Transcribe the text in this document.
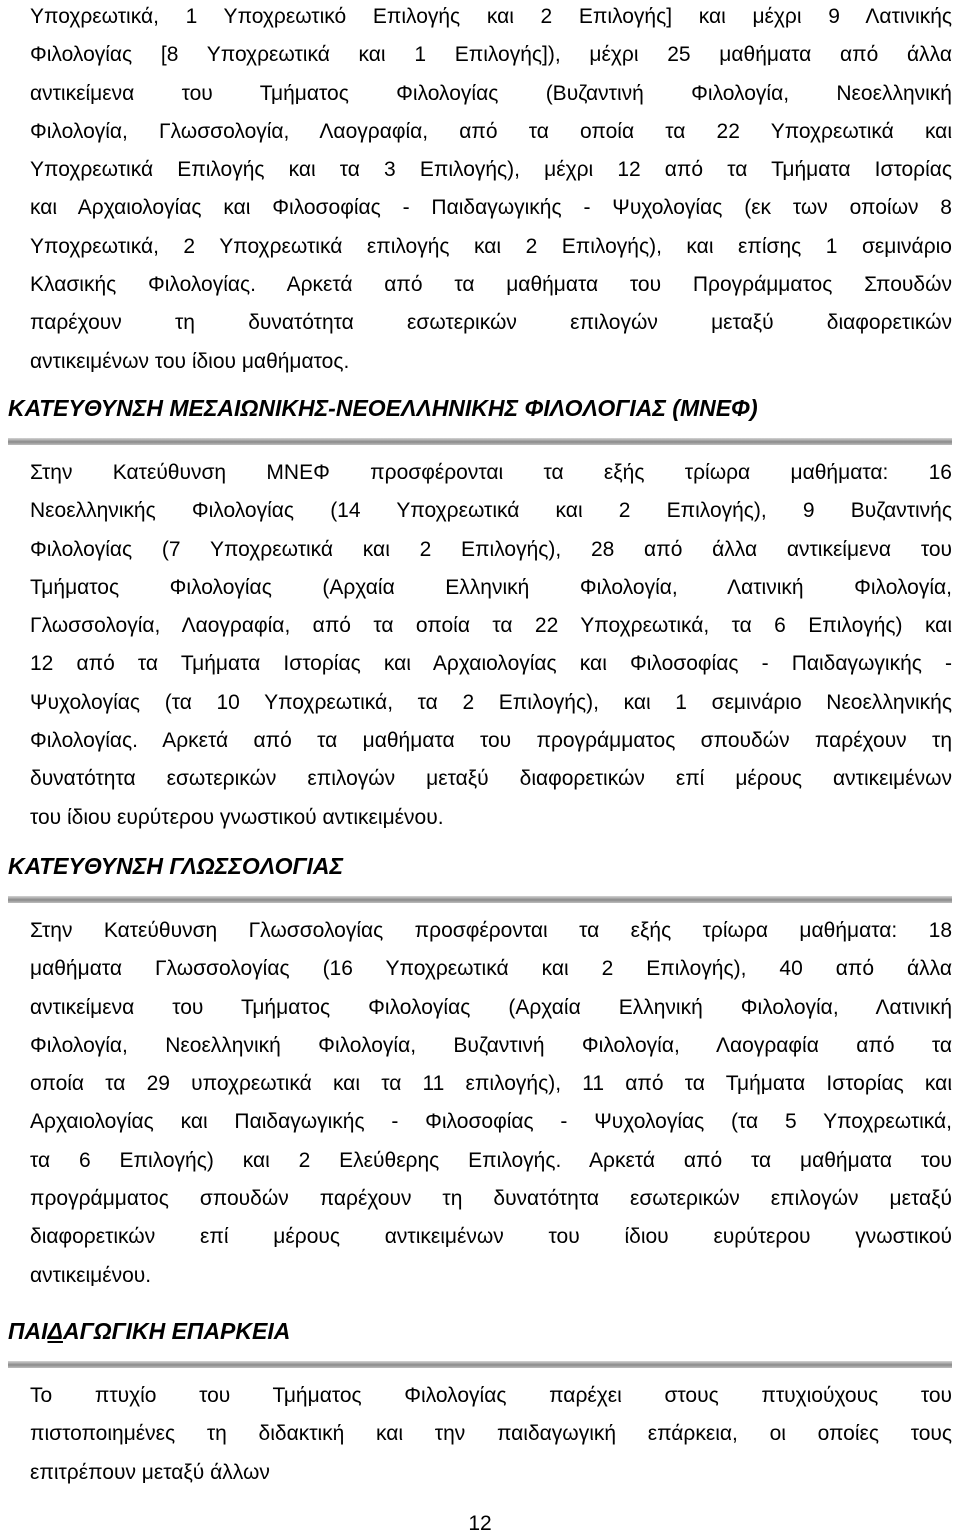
Υποχρεωτικά, 1 Υποχρεωτικό Επιλογής και 2 Επιλογής] και μέχρι 9 Λατινικής
Φιλολογίας [8 Υποχρεωτικά και 1 Επιλογής]), μέχρι 25 μαθήματα από άλλα
αντικείμενα του Τμήματος Φιλολογίας (Βυζαντινή Φιλολογία, Νεοελληνική
Φιλολογία, Γλωσσολογία, Λαογραφία, από τα οποία τα 22 Υποχρεωτικά και
Υποχρεωτικά Επιλογής και τα 3 Επιλογής), μέχρι 12 από τα Τμήματα Ιστορίας
και Αρχαιολογίας και Φιλοσοφίας - Παιδαγωγικής - Ψυχολογίας (εκ των οποίων 8
Υποχρεωτικά, 2 Υποχρεωτικά επιλογής και 2 Επιλογής), και επίσης 1 σεμινάριο
Κλασικής Φιλολογίας. Αρκετά από τα μαθήματα του Προγράμματος Σπουδών
παρέχουν τη δυνατότητα εσωτερικών επιλογών μεταξύ διαφορετικών
αντικειμένων του ίδιου μαθήματος.
ΚΑΤΕΥΘΥΝΣΗ ΜΕΣΑΙΩΝΙΚΗΣ-ΝΕΟΕΛΛΗΝΙΚΗΣ ΦΙΛΟΛΟΓΙΑΣ (ΜΝΕΦ)
Στην Κατεύθυνση ΜΝΕΦ προσφέρονται τα εξής τρίωρα μαθήματα: 16
Νεοελληνικής Φιλολογίας (14 Υποχρεωτικά και 2 Επιλογής), 9 Βυζαντινής
Φιλολογίας (7 Υποχρεωτικά και 2 Επιλογής), 28 από άλλα αντικείμενα του
Τμήματος Φιλολογίας (Αρχαία Ελληνική Φιλολογία, Λατινική Φιλολογία,
Γλωσσολογία, Λαογραφία, από τα οποία τα 22 Υποχρεωτικά, τα 6 Επιλογής) και
12 από τα Τμήματα Ιστορίας και Αρχαιολογίας και Φιλοσοφίας - Παιδαγωγικής -
Ψυχολογίας (τα 10 Υποχρεωτικά, τα 2 Επιλογής), και 1 σεμινάριο Νεοελληνικής
Φιλολογίας. Αρκετά από τα μαθήματα του προγράμματος σπουδών παρέχουν τη
δυνατότητα εσωτερικών επιλογών μεταξύ διαφορετικών επί μέρους αντικειμένων
του ίδιου ευρύτερου γνωστικού αντικειμένου.
ΚΑΤΕΥΘΥΝΣΗ ΓΛΩΣΣΟΛΟΓΙΑΣ
Στην Κατεύθυνση Γλωσσολογίας προσφέρονται τα εξής τρίωρα μαθήματα: 18
μαθήματα Γλωσσολογίας (16 Υποχρεωτικά και 2 Επιλογής), 40 από άλλα
αντικείμενα του Τμήματος Φιλολογίας (Αρχαία Ελληνική Φιλολογία, Λατινική
Φιλολογία, Νεοελληνική Φιλολογία, Βυζαντινή Φιλολογία, Λαογραφία από τα
οποία τα 29 υποχρεωτικά και τα 11 επιλογής), 11 από τα Τμήματα Ιστορίας και
Αρχαιολογίας και Παιδαγωγικής - Φιλοσοφίας - Ψυχολογίας (τα 5 Υποχρεωτικά,
τα 6 Επιλογής) και 2 Ελεύθερης Επιλογής. Αρκετά από τα μαθήματα του
προγράμματος σπουδών παρέχουν τη δυνατότητα εσωτερικών επιλογών μεταξύ
διαφορετικών επί μέρους αντικειμένων του ίδιου ευρύτερου γνωστικού
αντικειμένου.
ΠΑΙΔΑΓΩΓΙΚΗ ΕΠΑΡΚΕΙΑ
Το πτυχίο του Τμήματος Φιλολογίας παρέχει στους πτυχιούχους του
πιστοποιημένες τη διδακτική και την παιδαγωγική επάρκεια, οι οποίες τους
επιτρέπουν μεταξύ άλλων
12
